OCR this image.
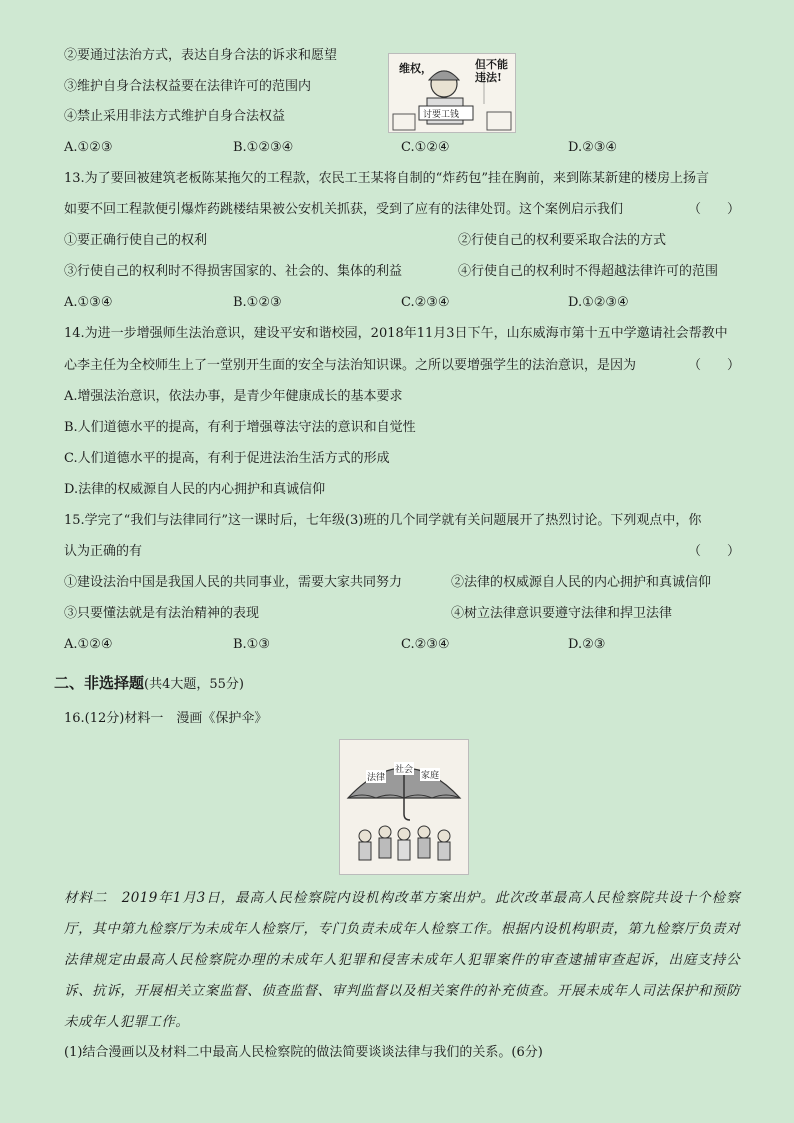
②要通过法治方式，表达自身合法的诉求和愿望
③维护自身合法权益要在法律许可的范围内
④禁止采用非法方式维护自身合法权益
维权，	但不能违法!
讨要工钱
A.①②③	B.①②③④	C.①②④	D.②③④
13.为了要回被建筑老板陈某拖欠的工程款，农民工王某将自制的“炸药包”挂在胸前，来到陈某新建的楼房上扬言
如要不回工程款便引爆炸药跳楼结果被公安机关抓获，受到了应有的法律处罚。这个案例启示我们	（　　）
①要正确行使自己的权利	②行使自己的权利要采取合法的方式
③行使自己的权利时不得损害国家的、社会的、集体的利益	④行使自己的权利时不得超越法律许可的范围
A.①③④	B.①②③	C.②③④	D.①②③④
14.为进一步增强师生法治意识，建设平安和谐校园，2018年11月3日下午，山东威海市第十五中学邀请社会帮教中
心李主任为全校师生上了一堂别开生面的安全与法治知识课。之所以要增强学生的法治意识，是因为	（　　）
A.增强法治意识，依法办事，是青少年健康成长的基本要求
B.人们道德水平的提高，有利于增强尊法守法的意识和自觉性
C.人们道德水平的提高，有利于促进法治生活方式的形成
D.法律的权威源自人民的内心拥护和真诚信仰
15.学完了“我们与法律同行”这一课时后，七年级(3)班的几个同学就有关问题展开了热烈讨论。下列观点中，你
认为正确的有	（　　）
①建设法治中国是我国人民的共同事业，需要大家共同努力	②法律的权威源自人民的内心拥护和真诚信仰
③只要懂法就是有法治精神的表现	④树立法律意识要遵守法律和捍卫法律
A.①②④	B.①③	C.②③④	D.②③
二、非选择题(共4大题，55分)
16.(12分)材料一　漫画《保护伞》
法律
社会
家庭
材料二　2019年1月3日，最高人民检察院内设机构改革方案出炉。此次改革最高人民检察院共设十个检察厅，其中第九检察厅为未成年人检察厅，专门负责未成年人检察工作。根据内设机构职责，第九检察厅负责对法律规定由最高人民检察院办理的未成年人犯罪和侵害未成年人犯罪案件的审查逮捕审查起诉，出庭支持公诉、抗诉，开展相关立案监督、侦查监督、审判监督以及相关案件的补充侦查。开展未成年人司法保护和预防未成年人犯罪工作。
(1)结合漫画以及材料二中最高人民检察院的做法简要谈谈法律与我们的关系。(6分)
